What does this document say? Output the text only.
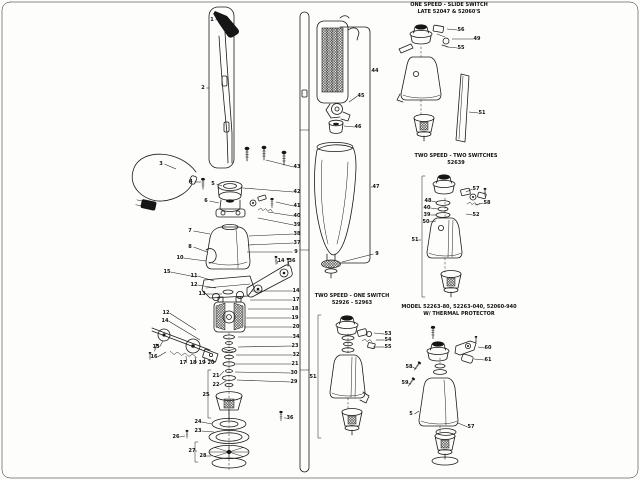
ONE SPEED - SLIDE SWITCH
LATE 52047 & 52060'S
TWO SPEED - TWO SWITCHES
52639
TWO SPEED - ONE SWITCH
52926 - 52963
MODEL 52263-80, 52263-040, 52060-940
W/ THERMAL PROTECTOR
1
2
3
4	5
6
7
8
10
15
11
12
13
12
14
13
16
17 18 19 20
21
22
25
24
23
26
27
28
43
42
41
40
39
38
37
9
14 36
14
17
18
19
20
34
23
32
21
30
29
36
44
45
46
47
9
56
49
55
51
57
58
52
48
40
39
50
51
53
54
55
51
60
61
58
59
5
57
